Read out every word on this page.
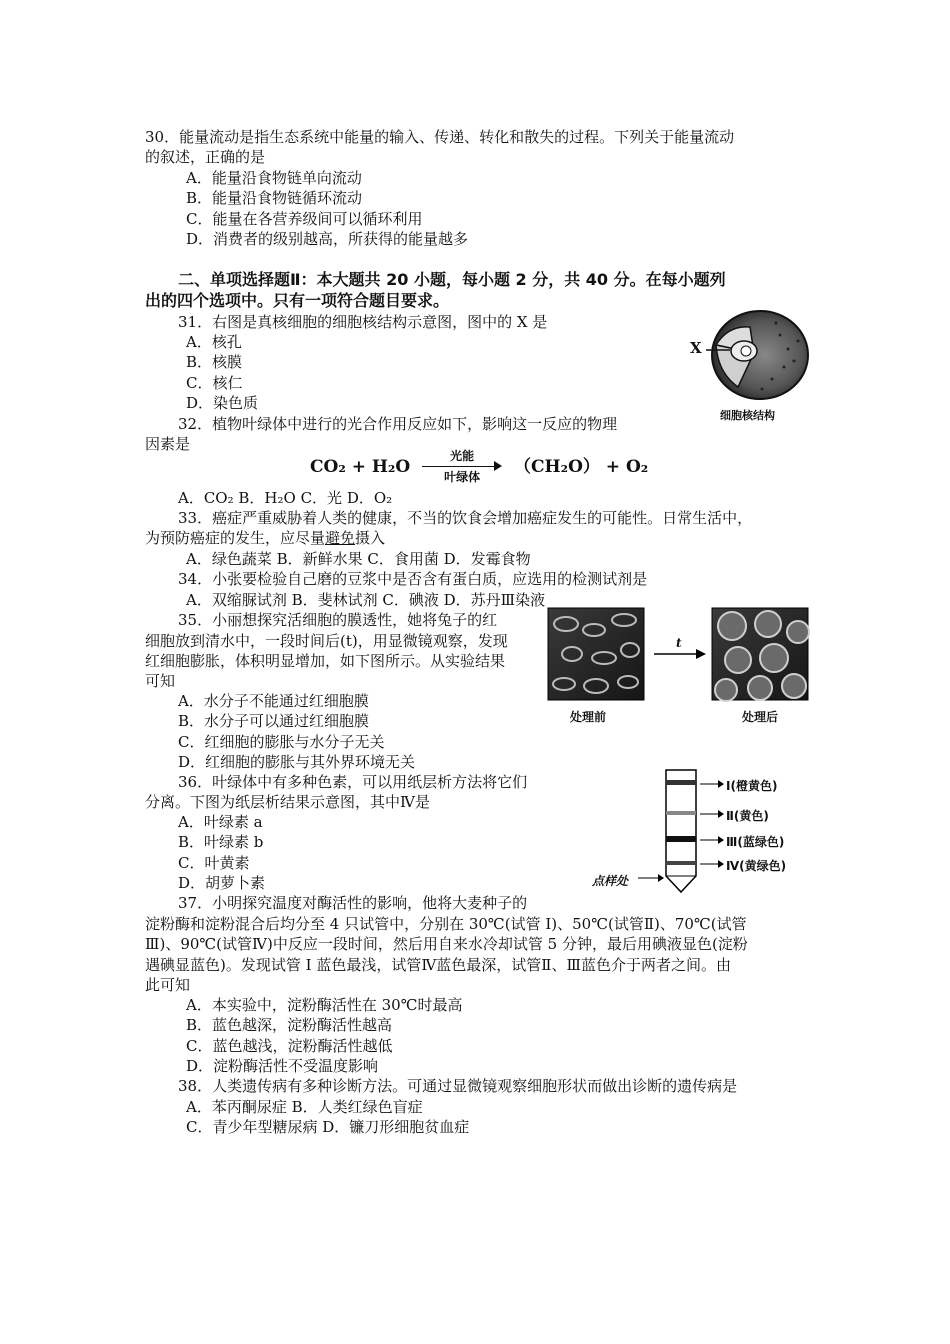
30．能量流动是指生态系统中能量的输入、传递、转化和散失的过程。下列关于能量流动
的叙述，正确的是
A．能量沿食物链单向流动
B．能量沿食物链循环流动
C．能量在各营养级间可以循环利用
D．消费者的级别越高，所获得的能量越多
二、单项选择题Ⅱ：本大题共 20 小题，每小题 2 分，共 40 分。在每小题列
出的四个选项中。只有一项符合题目要求。
31．右图是真核细胞的细胞核结构示意图，图中的 X 是
A．核孔
B．核膜
C．核仁
D．染色质
X
细胞核结构
32．植物叶绿体中进行的光合作用反应如下，影响这一反应的物理
因素是
CO₂ + H₂O
光能
叶绿体	（CH₂O） + O₂
A．CO₂ B．H₂O C．光 D．O₂
33．癌症严重威胁着人类的健康，不当的饮食会增加癌症发生的可能性。日常生活中，
为预防癌症的发生，应尽量避免摄入
A．绿色蔬菜 B．新鲜水果 C．食用菌 D．发霉食物
34．小张要检验自己磨的豆浆中是否含有蛋白质，应选用的检测试剂是
A．双缩脲试剂 B．斐林试剂 C．碘液 D．苏丹Ⅲ染液
35．小丽想探究活细胞的膜透性，她将兔子的红
细胞放到清水中，一段时间后(t)，用显微镜观察，发现
红细胞膨胀，体积明显增加，如下图所示。从实验结果
可知
A．水分子不能通过红细胞膜
B．水分子可以通过红细胞膜
C．红细胞的膨胀与水分子无关
D．红细胞的膨胀与其外界环境无关
t
处理前	处理后
36．叶绿体中有多种色素，可以用纸层析方法将它们
分离。下图为纸层析结果示意图，其中Ⅳ是
A．叶绿素 a
B．叶绿素 b
C．叶黄素
D．胡萝卜素
Ⅰ(橙黄色)
Ⅱ(黄色)
Ⅲ(蓝绿色)
Ⅳ(黄绿色)
点样处
37．小明探究温度对酶活性的影响，他将大麦种子的
淀粉酶和淀粉混合后均分至 4 只试管中，分别在 30℃(试管 I)、50℃(试管Ⅱ)、70℃(试管
Ⅲ)、90℃(试管Ⅳ)中反应一段时间，然后用自来水冷却试管 5 分钟，最后用碘液显色(淀粉
遇碘显蓝色)。发现试管 I 蓝色最浅，试管Ⅳ蓝色最深，试管Ⅱ、Ⅲ蓝色介于两者之间。由
此可知
A．本实验中，淀粉酶活性在 30℃时最高
B．蓝色越深，淀粉酶活性越高
C．蓝色越浅，淀粉酶活性越低
D．淀粉酶活性不受温度影响
38．人类遗传病有多种诊断方法。可通过显微镜观察细胞形状而做出诊断的遗传病是
A．苯丙酮尿症 B．人类红绿色盲症
C．青少年型糖尿病 D．镰刀形细胞贫血症
